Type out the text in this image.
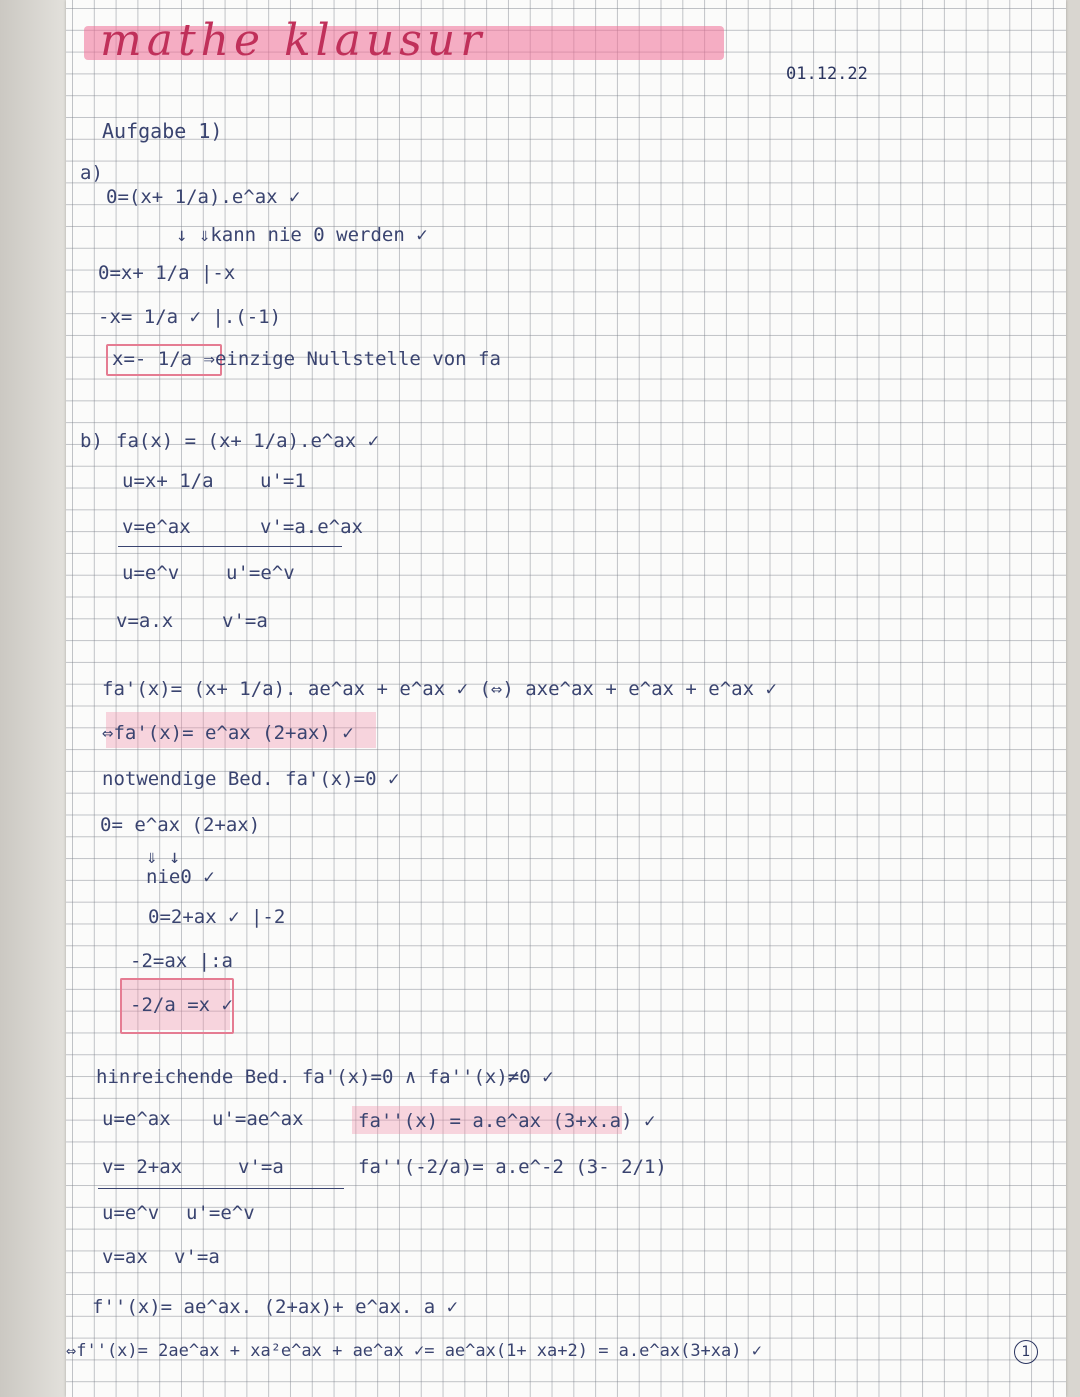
mathe klausur
01.12.22
Aufgabe 1)
a)
0=(x+ 1/a).e^ax ✓
↓ ⇓kann nie 0 werden ✓
0=x+ 1/a |-x
-x= 1/a ✓ |.(-1)
x=- 1/a ⇒einzige Nullstelle von fa
b) fa(x) = (x+ 1/a).e^ax ✓
u=x+ 1/a u'=1
v=e^ax	v'=a.e^ax
u=e^v u'=e^v
v=a.x	v'=a
fa'(x)= (x+ 1/a). ae^ax + e^ax ✓ (⇔) axe^ax + e^ax + e^ax ✓
⇔fa'(x)= e^ax (2+ax) ✓
notwendige Bed. fa'(x)=0 ✓
0= e^ax (2+ax)
⇓ ↓
nie0 ✓
0=2+ax ✓ |-2
-2=ax |:a
-2/a =x ✓
hinreichende Bed. fa'(x)=0 ∧ fa''(x)≠0 ✓
u=e^ax u'=ae^ax
v= 2+ax	v'=a
u=e^v u'=e^v
v=ax v'=a
fa''(x) = a.e^ax (3+x.a) ✓
fa''(-2/a)= a.e^-2 (3- 2/1)
f''(x)= ae^ax. (2+ax)+ e^ax. a ✓
⇔f''(x)= 2ae^ax + xa²e^ax + ae^ax ✓= ae^ax(1+ xa+2) = a.e^ax(3+xa) ✓	1
